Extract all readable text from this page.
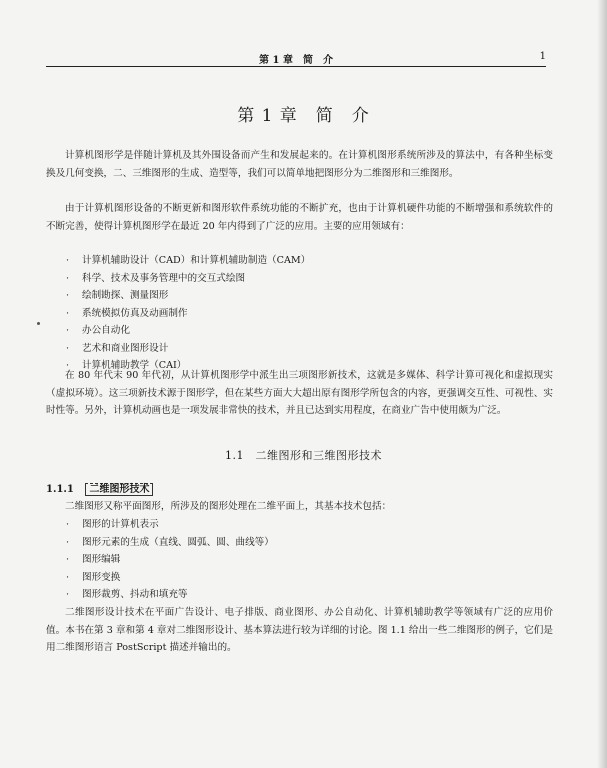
第 1 章　简　介	1
第 1 章　简　介

计算机图形学是伴随计算机及其外围设备而产生和发展起来的。在计算机图形系统所涉及的算法中，有各种坐标变换及几何变换，二、三维图形的生成、造型等，我们可以简单地把图形分为二维图形和三维图形。

由于计算机图形设备的不断更新和图形软件系统功能的不断扩充，也由于计算机硬件功能的不断增强和系统软件的不断完善，使得计算机图形学在最近 20 年内得到了广泛的应用。主要的应用领域有：

· 计算机辅助设计（CAD）和计算机辅助制造（CAM）
· 科学、技术及事务管理中的交互式绘图
· 绘制勘探、测量图形
· 系统模拟仿真及动画制作
· 办公自动化
· 艺术和商业图形设计
· 计算机辅助教学（CAI）

在 80 年代末 90 年代初，从计算机图形学中派生出三项图形新技术，这就是多媒体、科学计算可视化和虚拟现实（虚拟环境）。这三项新技术源于图形学，但在某些方面大大超出原有图形学所包含的内容，更强调交互性、可视性、实时性等。另外，计算机动画也是一项发展非常快的技术，并且已达到实用程度，在商业广告中使用颇为广泛。

1.1　二维图形和三维图形技术
1.1.1 二维图形技术

二维图形又称平面图形，所涉及的图形处理在二维平面上，其基本技术包括：

· 图形的计算机表示
· 图形元素的生成（直线、圆弧、圆、曲线等）
· 图形编辑
· 图形变换
· 图形裁剪、抖动和填充等

二维图形设计技术在平面广告设计、电子排版、商业图形、办公自动化、计算机辅助教学等领域有广泛的应用价值。本书在第 3 章和第 4 章对二维图形设计、基本算法进行较为详细的讨论。图 1.1 给出一些二维图形的例子，它们是用二维图形语言 PostScript 描述并输出的。
